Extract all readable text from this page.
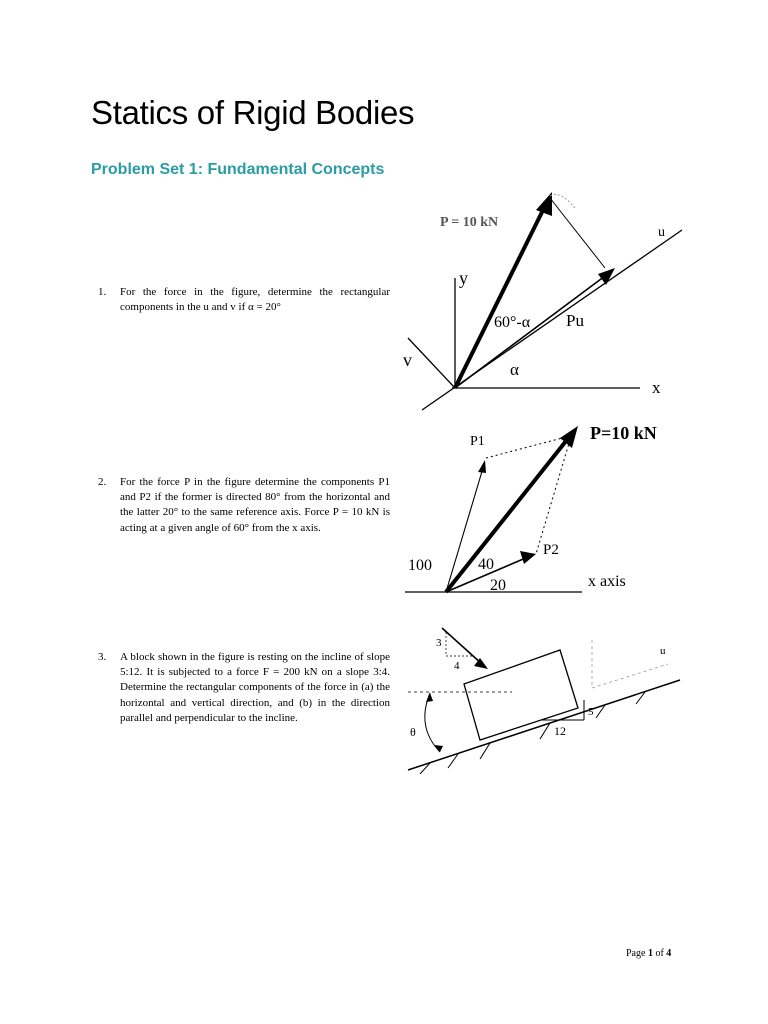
Statics of Rigid Bodies
Problem Set 1: Fundamental Concepts
1. For the force in the figure, determine the rectangular components in the u and v if α = 20°
P = 10 kN
u
y
60°-α Pu
v	α
x
2. For the force P in the figure determine the components P1 and P2 if the former is directed 80° from the horizontal and the latter 20° to the same reference axis. Force P = 10 kN is acting at a given angle of 60° from the x axis.
P1	P=10 kN
P2
100	40
20	x axis
3. A block shown in the figure is resting on the incline of slope 5:12. It is subjected to a force F = 200 kN on a slope 3:4. Determine the rectangular components of the force in (a) the horizontal and vertical direction, and (b) in the direction parallel and perpendicular to the incline.
3
4
u
5
12
θ
Page 1 of 4
